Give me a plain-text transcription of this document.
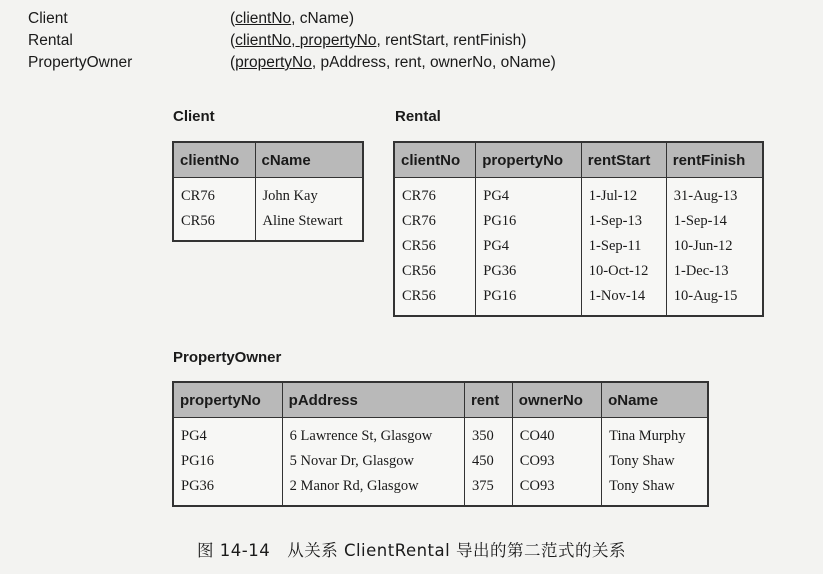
Client	(clientNo, cName)
Rental	(clientNo, propertyNo, rentStart, rentFinish)
PropertyOwner	(propertyNo, pAddress, rent, ownerNo, oName)
Client
clientNo	cName
CR76	John Kay
CR56	Aline Stewart
Rental
clientNo	propertyNo	rentStart	rentFinish
CR76	PG4	1-Jul-12	31-Aug-13
CR76	PG16	1-Sep-13	1-Sep-14
CR56	PG4	1-Sep-11	10-Jun-12
CR56	PG36	10-Oct-12	1-Dec-13
CR56	PG16	1-Nov-14	10-Aug-15
PropertyOwner
propertyNo	pAddress	rent	ownerNo	oName
PG4	6 Lawrence St, Glasgow	350	CO40	Tina Murphy
PG16	5 Novar Dr, Glasgow	450	CO93	Tony Shaw
PG36	2 Manor Rd, Glasgow	375	CO93	Tony Shaw
图 14-14　从关系 ClientRental 导出的第二范式的关系
